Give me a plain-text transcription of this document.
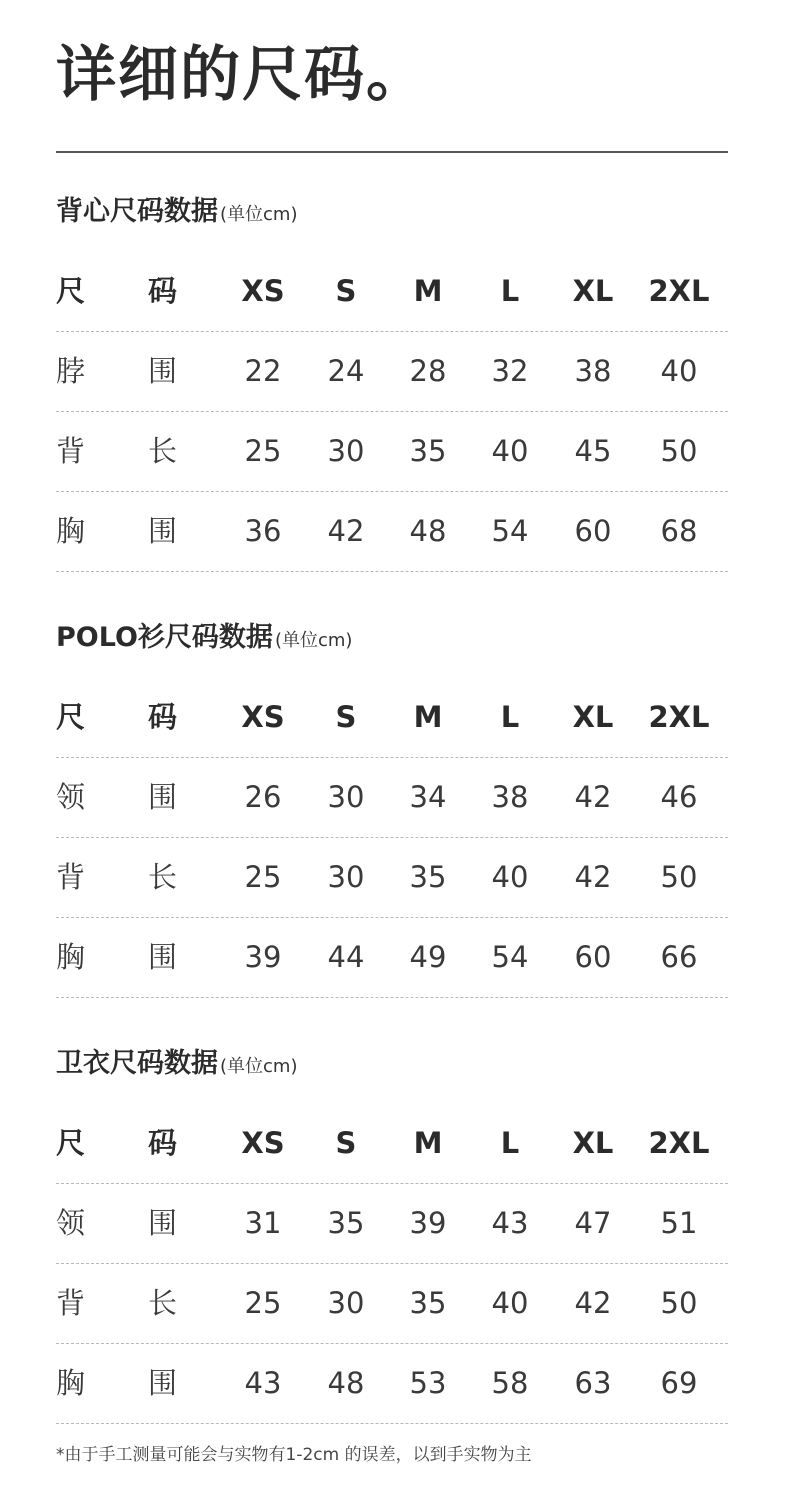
详细的尺码。
背心尺码数据 (单位cm)
尺	码	XS	S	M	L	XL	2XL
脖	围	22	24	28	32	38	40
背	长	25	30	35	40	45	50
胸	围	36	42	48	54	60	68
POLO衫尺码数据 (单位cm)
尺	码	XS	S	M	L	XL	2XL
领	围	26	30	34	38	42	46
背	长	25	30	35	40	42	50
胸	围	39	44	49	54	60	66
卫衣尺码数据 (单位cm)
尺	码	XS	S	M	L	XL	2XL
领	围	31	35	39	43	47	51
背	长	25	30	35	40	42	50
胸	围	43	48	53	58	63	69
*由于手工测量可能会与实物有1-2cm 的误差，以到手实物为主
